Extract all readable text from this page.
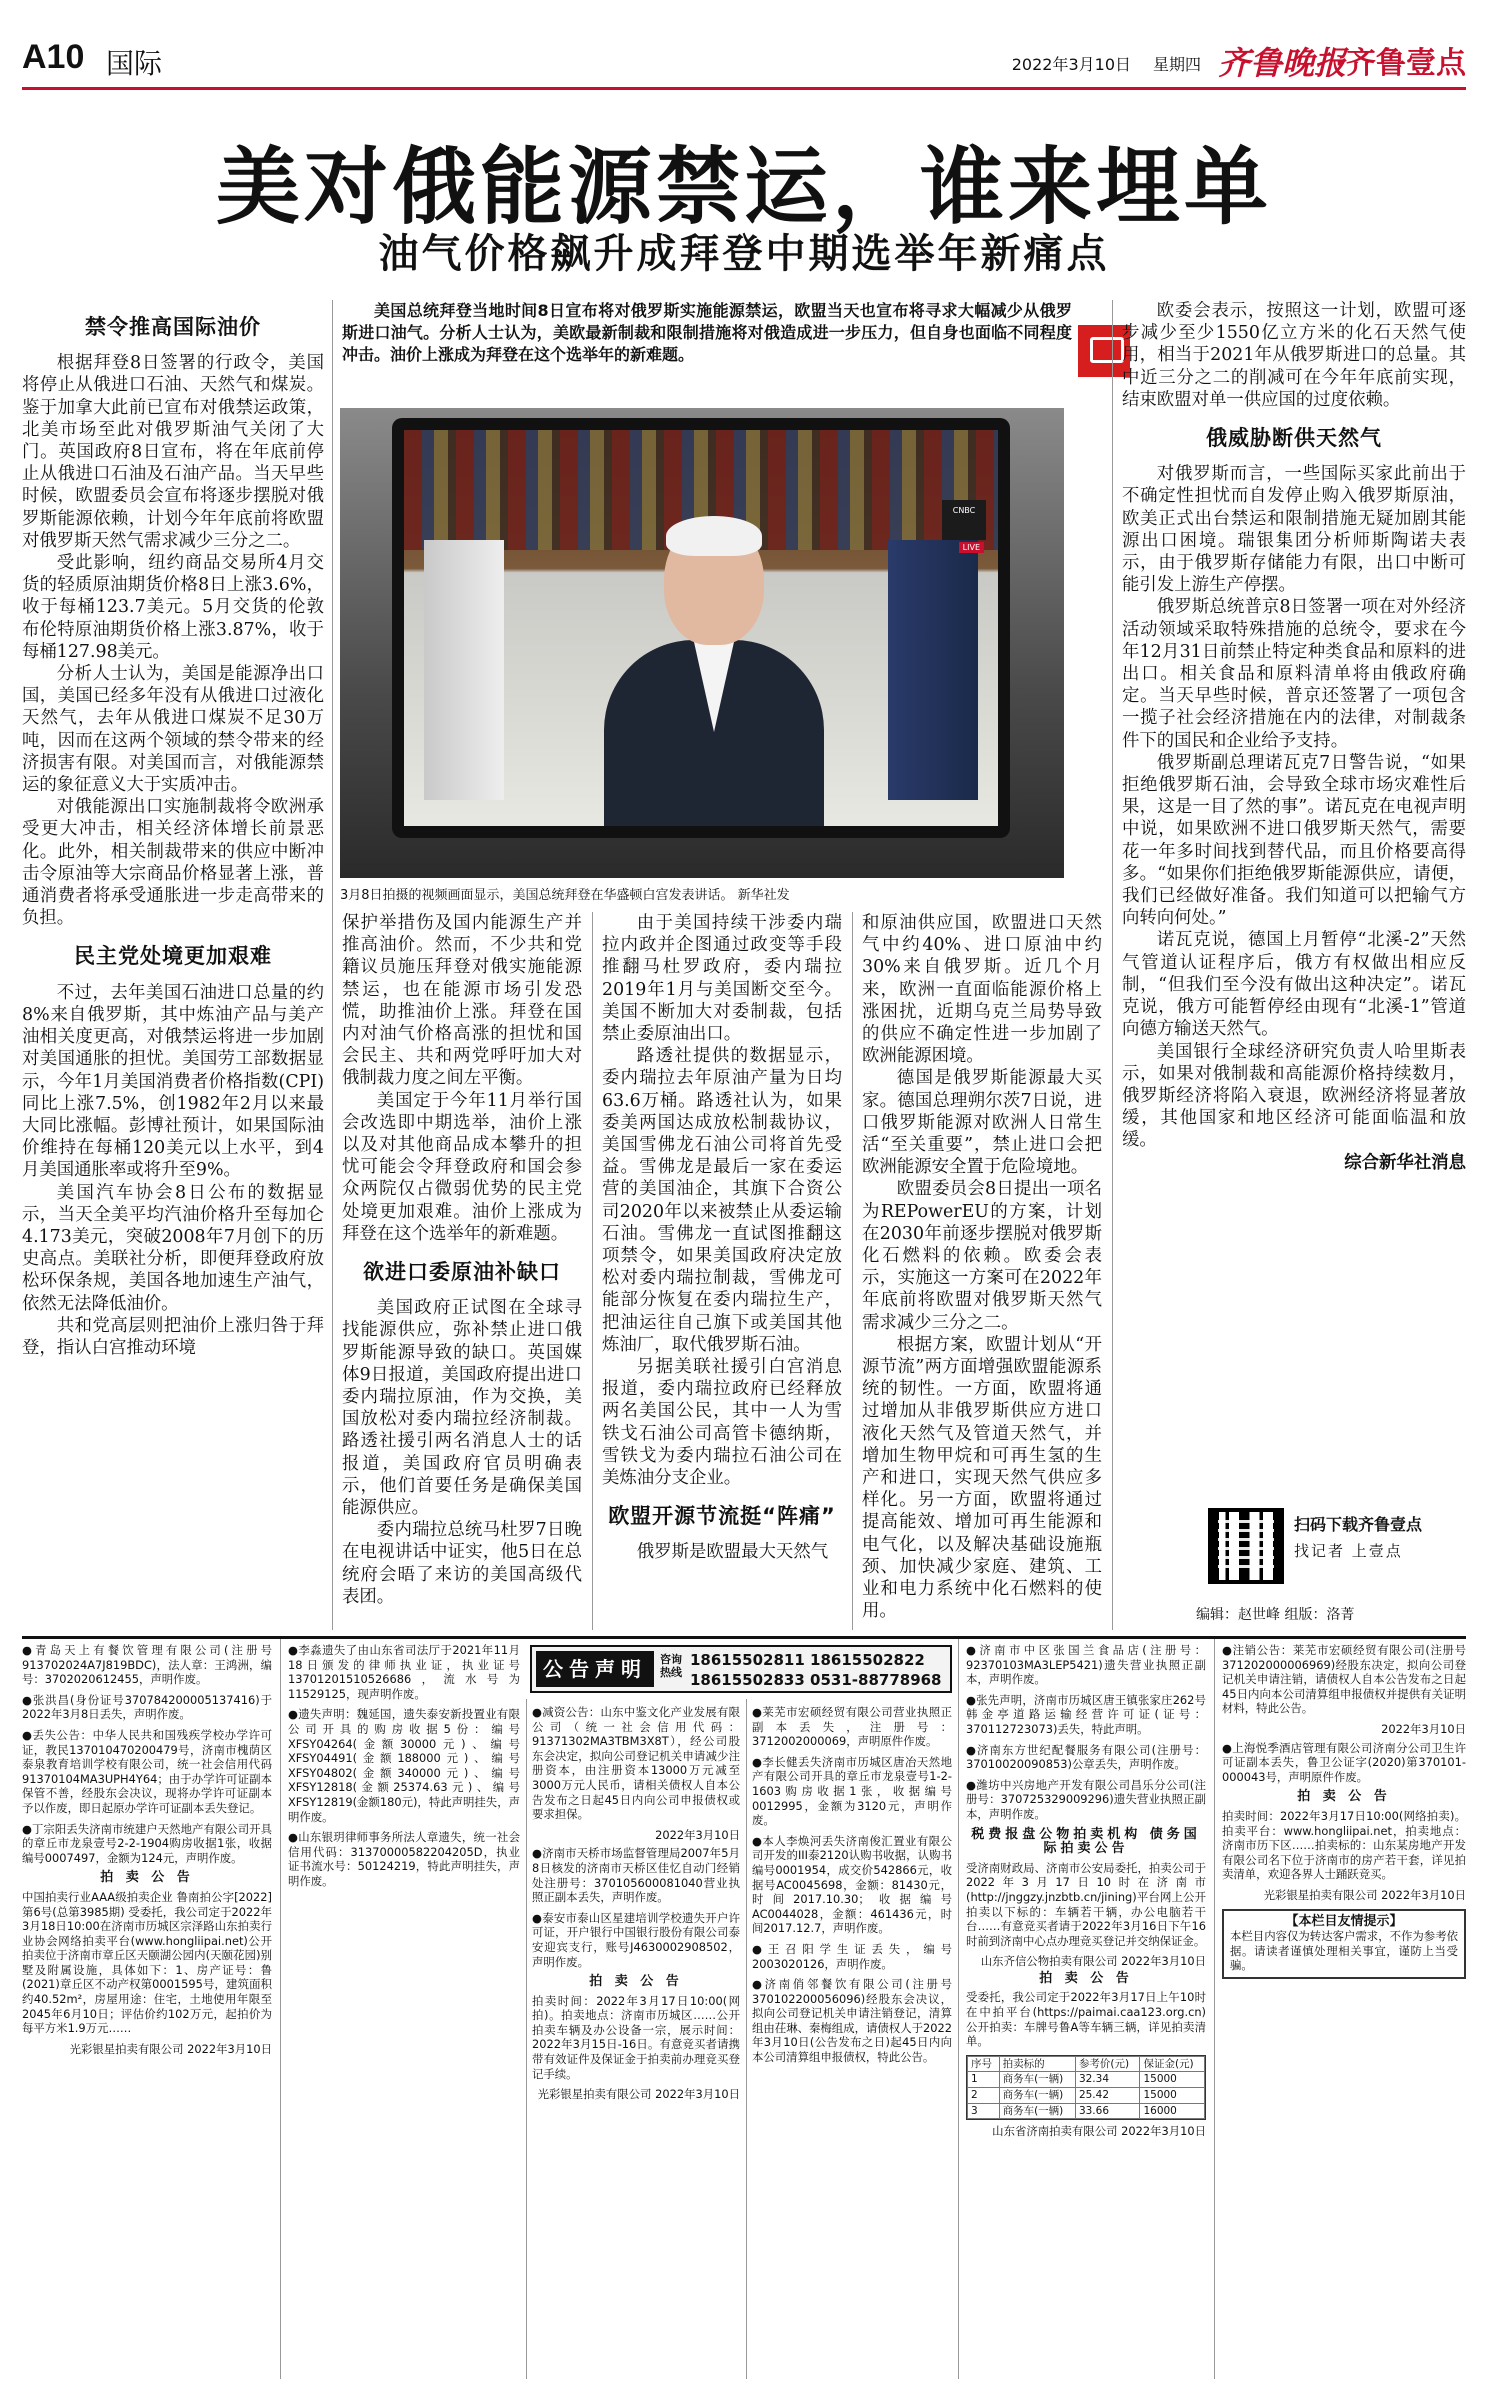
A10 国际	2022年3月10日 星期四 齐鲁晚报
·齐鲁壹点
美对俄能源禁运，谁来埋单
油气价格飙升成拜登中期选举年新痛点
禁令推高国际油价

根据拜登8日签署的行政令，美国将停止从俄进口石油、天然气和煤炭。鉴于加拿大此前已宣布对俄禁运政策，北美市场至此对俄罗斯油气关闭了大门。英国政府8日宣布，将在年底前停止从俄进口石油及石油产品。当天早些时候，欧盟委员会宣布将逐步摆脱对俄罗斯能源依赖，计划今年年底前将欧盟对俄罗斯天然气需求减少三分之二。

受此影响，纽约商品交易所4月交货的轻质原油期货价格8日上涨3.6%，收于每桶123.7美元。5月交货的伦敦布伦特原油期货价格上涨3.87%，收于每桶127.98美元。

分析人士认为，美国是能源净出口国，美国已经多年没有从俄进口过液化天然气，去年从俄进口煤炭不足30万吨，因而在这两个领域的禁令带来的经济损害有限。对美国而言，对俄能源禁运的象征意义大于实质冲击。

对俄能源出口实施制裁将令欧洲承受更大冲击，相关经济体增长前景恶化。此外，相关制裁带来的供应中断冲击令原油等大宗商品价格显著上涨，普通消费者将承受通胀进一步走高带来的负担。

民主党处境更加艰难

不过，去年美国石油进口总量的约8%来自俄罗斯，其中炼油产品与美产油相关度更高，对俄禁运将进一步加剧对美国通胀的担忧。美国劳工部数据显示，今年1月美国消费者价格指数(CPI)同比上涨7.5%，创1982年2月以来最大同比涨幅。彭博社预计，如果国际油价维持在每桶120美元以上水平，到4月美国通胀率或将升至9%。

美国汽车协会8日公布的数据显示，当天全美平均汽油价格升至每加仑4.173美元，突破2008年7月创下的历史高点。美联社分析，即便拜登政府放松环保条规，美国各地加速生产油气，依然无法降低油价。

共和党高层则把油价上涨归咎于拜登，指认白宫推动环境

美国总统拜登当地时间8日宣布将对俄罗斯实施能源禁运，欧盟当天也宣布将寻求大幅减少从俄罗斯进口油气。分析人士认为，美欧最新制裁和限制措施将对俄造成进一步压力，但自身也面临不同程度冲击。油价上涨成为拜登在这个选举年的新难题。
CNBC
LIVE
3月8日拍摄的视频画面显示，美国总统拜登在华盛顿白宫发表讲话。 新华社发

保护举措伤及国内能源生产并推高油价。然而，不少共和党籍议员施压拜登对俄实施能源禁运，也在能源市场引发恐慌，助推油价上涨。拜登在国内对油气价格高涨的担忧和国会民主、共和两党呼吁加大对俄制裁力度之间左平衡。

美国定于今年11月举行国会改选即中期选举，油价上涨以及对其他商品成本攀升的担忧可能会令拜登政府和国会参众两院仅占微弱优势的民主党处境更加艰难。油价上涨成为拜登在这个选举年的新难题。

欲进口委原油补缺口

美国政府正试图在全球寻找能源供应，弥补禁止进口俄罗斯能源导致的缺口。英国媒体9日报道，美国政府提出进口委内瑞拉原油，作为交换，美国放松对委内瑞拉经济制裁。路透社援引两名消息人士的话报道，美国政府官员明确表示，他们首要任务是确保美国能源供应。

委内瑞拉总统马杜罗7日晚在电视讲话中证实，他5日在总统府会晤了来访的美国高级代表团。

由于美国持续干涉委内瑞拉内政并企图通过政变等手段推翻马杜罗政府，委内瑞拉2019年1月与美国断交至今。美国不断加大对委制裁，包括禁止委原油出口。

路透社提供的数据显示，委内瑞拉去年原油产量为日均63.6万桶。路透社认为，如果委美两国达成放松制裁协议，美国雪佛龙石油公司将首先受益。雪佛龙是最后一家在委运营的美国油企，其旗下合资公司2020年以来被禁止从委运输石油。雪佛龙一直试图推翻这项禁令，如果美国政府决定放松对委内瑞拉制裁，雪佛龙可能部分恢复在委内瑞拉生产，把油运往自己旗下或美国其他炼油厂，取代俄罗斯石油。

另据美联社援引白宫消息报道，委内瑞拉政府已经释放两名美国公民，其中一人为雪铁戈石油公司高管卡德纳斯，雪铁戈为委内瑞拉石油公司在美炼油分支企业。

欧盟开源节流挺“阵痛”

俄罗斯是欧盟最大天然气

和原油供应国，欧盟进口天然气中约40%、进口原油中约30%来自俄罗斯。近几个月来，欧洲一直面临能源价格上涨困扰，近期乌克兰局势导致的供应不确定性进一步加剧了欧洲能源困境。

德国是俄罗斯能源最大买家。德国总理朔尔茨7日说，进口俄罗斯能源对欧洲人日常生活“至关重要”，禁止进口会把欧洲能源安全置于危险境地。

欧盟委员会8日提出一项名为REPowerEU的方案，计划在2030年前逐步摆脱对俄罗斯化石燃料的依赖。欧委会表示，实施这一方案可在2022年年底前将欧盟对俄罗斯天然气需求减少三分之二。

根据方案，欧盟计划从“开源节流”两方面增强欧盟能源系统的韧性。一方面，欧盟将通过增加从非俄罗斯供应方进口液化天然气及管道天然气，并增加生物甲烷和可再生氢的生产和进口，实现天然气供应多样化。另一方面，欧盟将通过提高能效、增加可再生能源和电气化，以及解决基础设施瓶颈、加快减少家庭、建筑、工业和电力系统中化石燃料的使用。

欧委会表示，按照这一计划，欧盟可逐步减少至少1550亿立方米的化石天然气使用，相当于2021年从俄罗斯进口的总量。其中近三分之二的削减可在今年年底前实现，结束欧盟对单一供应国的过度依赖。

俄威胁断供天然气

对俄罗斯而言，一些国际买家此前出于不确定性担忧而自发停止购入俄罗斯原油，欧美正式出台禁运和限制措施无疑加剧其能源出口困境。瑞银集团分析师斯陶诺夫表示，由于俄罗斯存储能力有限，出口中断可能引发上游生产停摆。

俄罗斯总统普京8日签署一项在对外经济活动领域采取特殊措施的总统令，要求在今年12月31日前禁止特定种类食品和原料的进出口。相关食品和原料清单将由俄政府确定。当天早些时候，普京还签署了一项包含一揽子社会经济措施在内的法律，对制裁条件下的国民和企业给予支持。

俄罗斯副总理诺瓦克7日警告说，“如果拒绝俄罗斯石油，会导致全球市场灾难性后果，这是一目了然的事”。诺瓦克在电视声明中说，如果欧洲不进口俄罗斯天然气，需要花一年多时间找到替代品，而且价格要高得多。“如果你们拒绝俄罗斯能源供应，请便，我们已经做好准备。我们知道可以把输气方向转向何处。”

诺瓦克说，德国上月暂停“北溪-2”天然气管道认证程序后，俄方有权做出相应反制，“但我们至今没有做出这种决定”。诺瓦克说，俄方可能暂停经由现有“北溪-1”管道向德方输送天然气。

美国银行全球经济研究负责人哈里斯表示，如果对俄制裁和高能源价格持续数月，俄罗斯经济将陷入衰退，欧洲经济将显著放缓，其他国家和地区经济可能面临温和放缓。

综合新华社消息

扫码下载齐鲁壹点
找记者 上壹点
编辑：赵世峰 组版：洛菁
●青岛天上有餐饮管理有限公司(注册号913702024A7J819BDC)，法人章：王鸿洲，编号：3702020612455，声明作废。
●张洪昌(身份证号370784200005137416)于2022年3月8日丢失，声明作废。
●丢失公告：中华人民共和国残疾学校办学许可证，教民137010470200479号，济南市槐荫区泰泉教育培训学校有限公司，统一社会信用代码91370104MA3UPH4Y64；由于办学许可证副本保管不善，经股东会决议，现将办学许可证副本予以作废，即日起原办学许可证副本丢失登记。
●丁宗阳丢失济南市统建户天然地产有限公司开具的章丘市龙泉壹号2-2-1904购房收据1张，收据编号0007497，金额为124元，声明作废。
拍 卖 公 告
中国拍卖行业AAA级拍卖企业 鲁南拍公字[2022]第6号(总第3985期) 受委托，我公司定于2022年3月18日10:00在济南市历城区宗泽路山东拍卖行业协会网络拍卖平台(www.hongliipai.net)公开拍卖位于济南市章丘区天颐湖公园内(天颐花园)别墅及附属设施，具体如下：1、房产证号：鲁(2021)章丘区不动产权第0001595号，建筑面积约40.52m²，房屋用途：住宅，土地使用年限至2045年6月10日；评估价约102万元，起拍价为每平方米1.9万元……
光彩银星拍卖有限公司 2022年3月10日
●李淼遗失了由山东省司法厅于2021年11月18日颁发的律师执业证，执业证号13701201510526686，流水号为11529125，现声明作废。
●遗失声明：魏延国，遗失泰安新投置业有限公司开具的购房收据5份：编号XFSY04264(金额30000元)、编号XFSY04491(金额188000元)、编号XFSY04802(金额340000元)、编号XFSY12818(金额25374.63元)、编号XFSY12819(金额180元)，特此声明挂失，声明作废。
●山东银玥律师事务所法人章遗失，统一社会信用代码：31370000582204205D，执业证书流水号：50124219，特此声明挂失，声明作废。
公告声明	咨询热线
18615502811 18615502822
18615502833 0531-88778968
●减资公告：山东中鉴文化产业发展有限公司（统一社会信用代码：91371302MA3TBM3X8T），经公司股东会决定，拟向公司登记机关申请减少注册资本，由注册资本13000万元减至3000万元人民币，请相关债权人自本公告发布之日起45日内向公司申报债权或要求担保。
2022年3月10日
●济南市天桥市场监督管理局2007年5月8日核发的济南市天桥区佳忆自动门经销处注册号：370105600081040营业执照正副本丢失，声明作废。
●泰安市泰山区星建培训学校遗失开户许可证，开户银行中国银行股份有限公司泰安迎宾支行，账号J4630002908502，声明作废。
拍 卖 公 告
拍卖时间：2022年3月17日10:00(网拍)。拍卖地点：济南市历城区……公开拍卖车辆及办公设备一宗，展示时间：2022年3月15日-16日。有意竞买者请携带有效证件及保证金于拍卖前办理竞买登记手续。
光彩银星拍卖有限公司 2022年3月10日
●莱芜市宏硕经贸有限公司营业执照正副本丢失，注册号：3712002000069，声明原件作废。
●李长健丢失济南市历城区唐冶天然地产有限公司开具的章丘市龙泉壹号1-2-1603购房收据1张，收据编号0012995，金额为3120元，声明作废。
●本人李焕河丢失济南俊汇置业有限公司开发的III泰2120认购书收据，认购书编号0001954，成交价542866元，收据号AC0045698，金额：81430元，时间2017.10.30；收据编号AC0044028，金额：461436元，时间2017.12.7，声明作废。
●王召阳学生证丢失，编号2003020126，声明作废。
●济南俏邻餐饮有限公司(注册号370102200056096)经股东会决议，拟向公司登记机关申请注销登记，清算组由茌琳、秦梅组成，请债权人于2022年3月10日(公告发布之日)起45日内向本公司清算组申报债权，特此公告。
●济南市中区张国兰食品店(注册号：92370103MA3LEP5421)遗失营业执照正副本，声明作废。
●张先声明，济南市历城区唐王镇张家庄262号韩金亭道路运输经营许可证(证号：370112723073)丢失，特此声明。
●济南东方世纪配餐服务有限公司(注册号：37010020090853)公章丢失，声明作废。
●潍坊中兴房地产开发有限公司昌乐分公司(注册号：370725329009296)遗失营业执照正副本，声明作废。
税费报盘公物拍卖机构 债务国际拍卖公告
受济南财政局、济南市公安局委托，拍卖公司于2022年3月17日10时在济南市(http://jnggzy.jnzbtb.cn/jining)平台网上公开拍卖以下标的：车辆若干辆，办公电脑若干台……有意竞买者请于2022年3月16日下午16时前到济南中心点办理竞买登记并交纳保证金。
山东齐信公物拍卖有限公司 2022年3月10日
拍 卖 公 告
受委托，我公司定于2022年3月17日上午10时在中拍平台(https://paimai.caa123.org.cn)公开拍卖：车牌号鲁A等车辆三辆，详见拍卖清单。
序号	拍卖标的	参考价(元)	保证金(元)
1	商务车(一辆)	32.34	15000
2	商务车(一辆)	25.42	15000
3	商务车(一辆)	33.66	16000
山东省济南拍卖有限公司 2022年3月10日
●注销公告：莱芜市宏硕经贸有限公司(注册号371202000006969)经股东决定，拟向公司登记机关申请注销，请债权人自本公告发布之日起45日内向本公司清算组申报债权并提供有关证明材料，特此公告。
2022年3月10日
●上海悦季酒店管理有限公司济南分公司卫生许可证副本丢失，鲁卫公证字(2020)第370101-000043号，声明原件作废。
拍 卖 公 告
拍卖时间：2022年3月17日10:00(网络拍卖)。拍卖平台：www.hongliipai.net，拍卖地点：济南市历下区……拍卖标的：山东某房地产开发有限公司名下位于济南市的房产若干套，详见拍卖清单，欢迎各界人士踊跃竞买。
光彩银星拍卖有限公司 2022年3月10日
【本栏目友情提示】
本栏目内容仅为转达客户需求，不作为参考依据。请读者谨慎处理相关事宜，谨防上当受骗。
